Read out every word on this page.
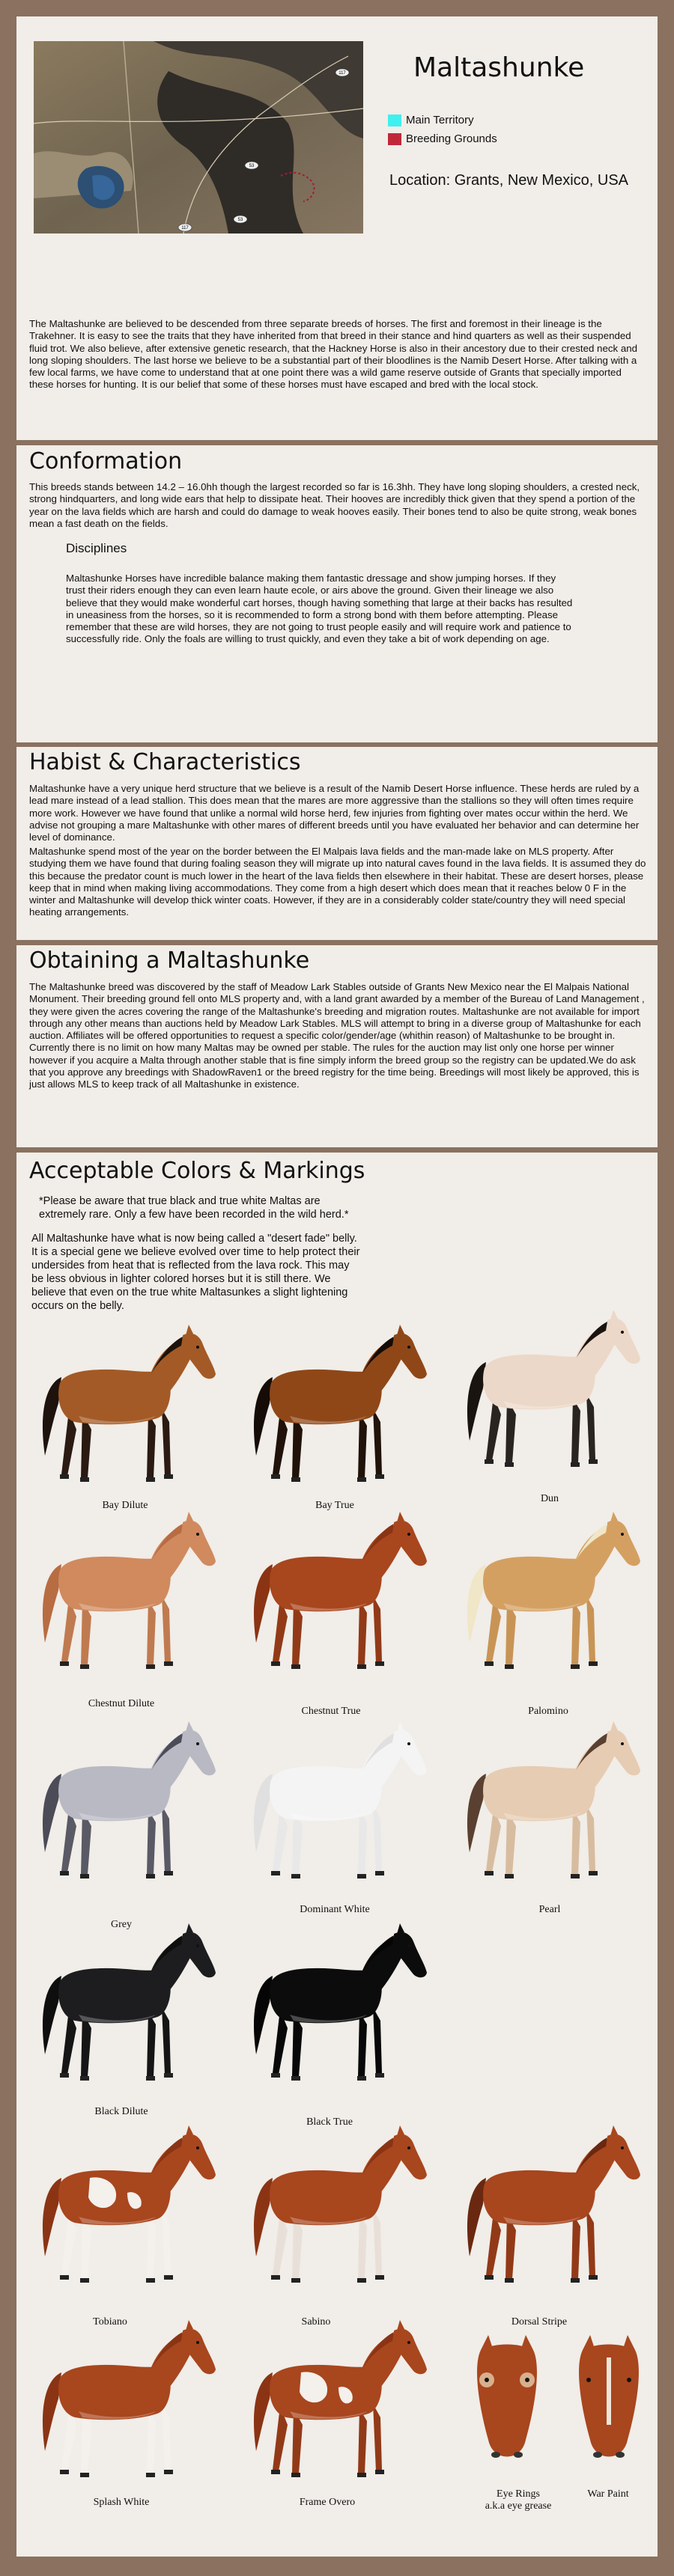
117
53
53
117
Maltashunke
Main Territory
Breeding Grounds
Location: Grants, New Mexico, USA

The Maltashunke are believed to be descended from three separate breeds of horses. The first and foremost in their lineage is the Trakehner. It is easy to see the traits that they have inherited from that breed in their stance and hind quarters as well as their suspended fluid trot. We also believe, after extensive genetic research, that the Hackney Horse is also in their ancestory due to their crested neck and long sloping shoulders. The last horse we believe to be a substantial part of their bloodlines is the Namib Desert Horse. After talking with a few local farms, we have come to understand that at one point there was a wild game reserve outside of Grants that specially imported these horses for hunting. It is our belief that some of these horses must have escaped and bred with the local stock.

Conformation

This breeds stands between 14.2 – 16.0hh though the largest recorded so far is 16.3hh. They have long sloping shoulders, a crested neck, strong hindquarters, and long wide ears that help to dissipate heat. Their hooves are incredibly thick given that they spend a portion of the year on the lava fields which are harsh and could do damage to weak hooves easily. Their bones tend to also be quite strong, weak bones mean a fast death on the fields.

Disciplines

Maltashunke Horses have incredible balance making them fantastic dressage and show jumping horses. If they trust their riders enough they can even learn haute ecole, or airs above the ground. Given their lineage we also believe that they would make wonderful cart horses, though having something that large at their backs has resulted in uneasiness from the horses, so it is recommended to form a strong bond with them before attempting. Please remember that these are wild horses, they are not going to trust people easily and will require work and patience to successfully ride. Only the foals are willing to trust quickly, and even they take a bit of work depending on age.

Habist & Characteristics

Maltashunke have a very unique herd structure that we believe is a result of the Namib Desert Horse influence. These herds are ruled by a lead mare instead of a lead stallion. This does mean that the mares are more aggressive than the stallions so they will often times require more work. However we have found that unlike a normal wild horse herd, few injuries from fighting over mates occur within the herd. We advise not grouping a mare Maltashunke with other mares of different breeds until you have evaluated her behavior and can determine her level of dominance.

Maltashunke spend most of the year on the border between the El Malpais lava fields and the man-made lake on MLS property. After studying them we have found that during foaling season they will migrate up into natural caves found in the lava fields. It is assumed they do this because the predator count is much lower in the heart of the lava fields then elsewhere in their habitat. These are desert horses, please keep that in mind when making living accommodations. They come from a high desert which does mean that it reaches below 0 F in the winter and Maltashunke will develop thick winter coats. However, if they are in a considerably colder state/country they will need special heating arrangements.

Obtaining a Maltashunke

The Maltashunke breed was discovered by the staff of Meadow Lark Stables outside of Grants New Mexico near the El Malpais National Monument. Their breeding ground fell onto MLS property and, with a land grant awarded by a member of the Bureau of Land Management , they were given the acres covering the range of the Maltashunke's breeding and migration routes. Maltashunke are not available for import through any other means than auctions held by Meadow Lark Stables. MLS will attempt to bring in a diverse group of Maltashunke for each auction. Affiliates will be offered opportunities to request a specific color/gender/age (whithin reason) of Maltashunke to be brought in. Currently there is no limit on how many Maltas may be owned per stable. The rules for the auction may list only one horse per winner however if you acquire a Malta through another stable that is fine simply inform the breed group so the registry can be updated.We do ask that you approve any breedings with ShadowRaven1 or the breed registry for the time being. Breedings will most likely be approved, this is just allows MLS to keep track of all Maltashunke in existence.

Acceptable Colors & Markings

*Please be aware that true black and true white Maltas are extremely rare. Only a few have been recorded in the wild herd.*

All Maltashunke have what is now being called a "desert fade" belly. It is a special gene we believe evolved over time to help protect their undersides from heat that is reflected from the lava rock. This may be less obvious in lighter colored horses but it is still there. We believe that even on the true white Maltasunkes a slight lightening occurs on the belly.

Bay Dilute	Bay True
Dun
Chestnut Dilute
Chestnut True	Palomino
Grey
Dominant White	Pearl
Black Dilute
Black True
Tobiano	Sabino	Dorsal Stripe
Splash White	Frame Overo
Eye Rings
a.k.a eye grease
War Paint
